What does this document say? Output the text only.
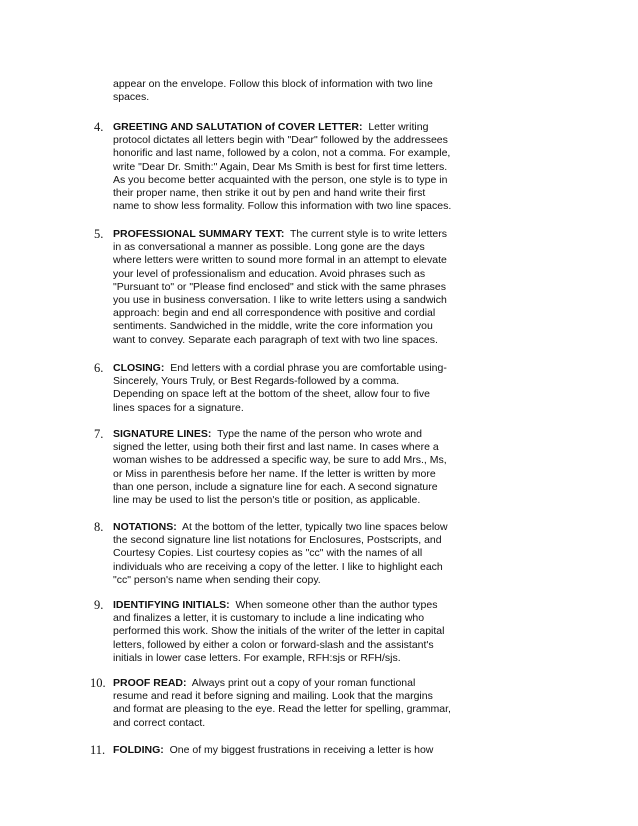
appear on the envelope. Follow this block of information with two line spaces.
4. GREETING AND SALUTATION of COVER LETTER: Letter writing protocol dictates all letters begin with "Dear" followed by the addressees honorific and last name, followed by a colon, not a comma. For example, write "Dear Dr. Smith:" Again, Dear Ms Smith is best for first time letters. As you become better acquainted with the person, one style is to type in their proper name, then strike it out by pen and hand write their first name to show less formality. Follow this information with two line spaces.
5. PROFESSIONAL SUMMARY TEXT: The current style is to write letters in as conversational a manner as possible. Long gone are the days where letters were written to sound more formal in an attempt to elevate your level of professionalism and education. Avoid phrases such as "Pursuant to" or "Please find enclosed" and stick with the same phrases you use in business conversation. I like to write letters using a sandwich approach: begin and end all correspondence with positive and cordial sentiments. Sandwiched in the middle, write the core information you want to convey. Separate each paragraph of text with two line spaces.
6. CLOSING: End letters with a cordial phrase you are comfortable using-Sincerely, Yours Truly, or Best Regards-followed by a comma. Depending on space left at the bottom of the sheet, allow four to five lines spaces for a signature.
7. SIGNATURE LINES: Type the name of the person who wrote and signed the letter, using both their first and last name. In cases where a woman wishes to be addressed a specific way, be sure to add Mrs., Ms, or Miss in parenthesis before her name. If the letter is written by more than one person, include a signature line for each. A second signature line may be used to list the person's title or position, as applicable.
8. NOTATIONS: At the bottom of the letter, typically two line spaces below the second signature line list notations for Enclosures, Postscripts, and Courtesy Copies. List courtesy copies as "cc" with the names of all individuals who are receiving a copy of the letter. I like to highlight each "cc" person's name when sending their copy.
9. IDENTIFYING INITIALS: When someone other than the author types and finalizes a letter, it is customary to include a line indicating who performed this work. Show the initials of the writer of the letter in capital letters, followed by either a colon or forward-slash and the assistant's initials in lower case letters. For example, RFH:sjs or RFH/sjs.
10. PROOF READ: Always print out a copy of your roman functional resume and read it before signing and mailing. Look that the margins and format are pleasing to the eye. Read the letter for spelling, grammar, and correct contact.
11. FOLDING: One of my biggest frustrations in receiving a letter is how
